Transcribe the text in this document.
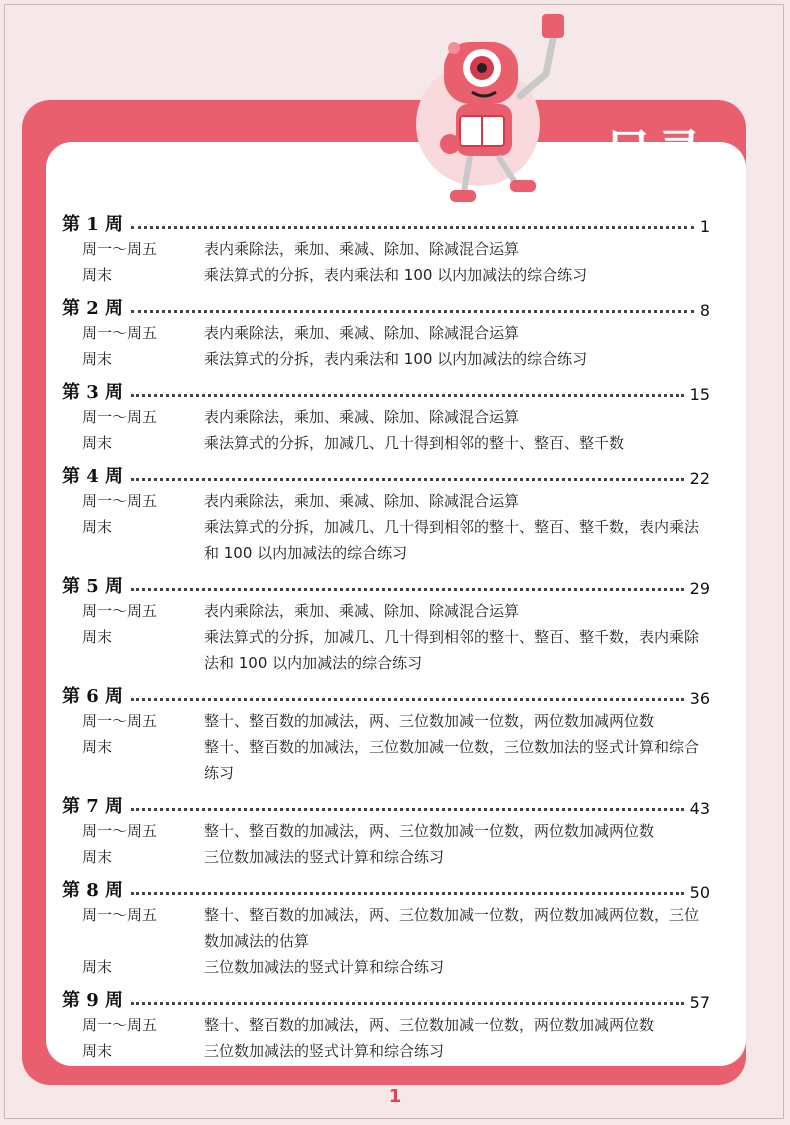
目录
第 1 周	1
周一～周五	表内乘除法，乘加、乘减、除加、除减混合运算
周末	乘法算式的分拆，表内乘法和 100 以内加减法的综合练习
第 2 周	8
周一～周五	表内乘除法，乘加、乘减、除加、除减混合运算
周末	乘法算式的分拆，表内乘法和 100 以内加减法的综合练习
第 3 周	15
周一～周五	表内乘除法，乘加、乘减、除加、除减混合运算
周末	乘法算式的分拆，加减几、几十得到相邻的整十、整百、整千数
第 4 周	22
周一～周五	表内乘除法，乘加、乘减、除加、除减混合运算
周末	乘法算式的分拆，加减几、几十得到相邻的整十、整百、整千数，表内乘法和 100 以内加减法的综合练习
第 5 周	29
周一～周五	表内乘除法，乘加、乘减、除加、除减混合运算
周末	乘法算式的分拆，加减几、几十得到相邻的整十、整百、整千数，表内乘除法和 100 以内加减法的综合练习
第 6 周	36
周一～周五	整十、整百数的加减法，两、三位数加减一位数，两位数加减两位数
周末	整十、整百数的加减法，三位数加减一位数，三位数加法的竖式计算和综合练习
第 7 周	43
周一～周五	整十、整百数的加减法，两、三位数加减一位数，两位数加减两位数
周末	三位数加减法的竖式计算和综合练习
第 8 周	50
周一～周五	整十、整百数的加减法，两、三位数加减一位数，两位数加减两位数，三位数加减法的估算
周末	三位数加减法的竖式计算和综合练习
第 9 周	57
周一～周五	整十、整百数的加减法，两、三位数加减一位数，两位数加减两位数
周末	三位数加减法的竖式计算和综合练习
1
